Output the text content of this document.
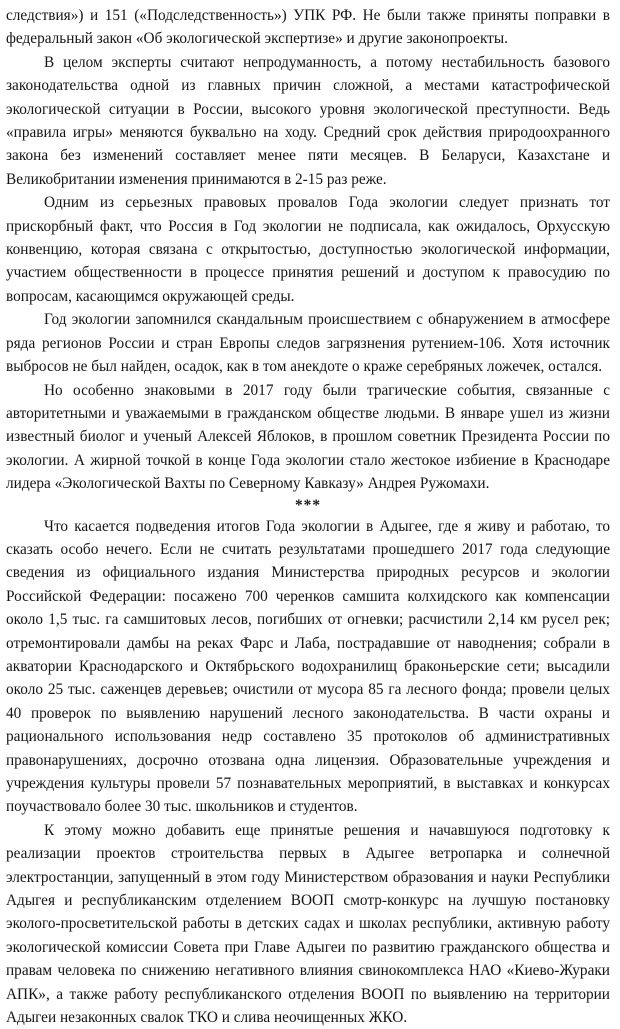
следствия») и 151 («Подследственность») УПК РФ. Не были также приняты поправки в федеральный закон «Об экологической экспертизе» и другие законопроекты.

В целом эксперты считают непродуманность, а потому нестабильность базового законодательства одной из главных причин сложной, а местами катастрофической экологической ситуации в России, высокого уровня экологической преступности. Ведь «правила игры» меняются буквально на ходу. Средний срок действия природоохранного закона без изменений составляет менее пяти месяцев. В Беларуси, Казахстане и Великобритании изменения принимаются в 2-15 раз реже.

Одним из серьезных правовых провалов Года экологии следует признать тот прискорбный факт, что Россия в Год экологии не подписала, как ожидалось, Орхусскую конвенцию, которая связана с открытостью, доступностью экологической информации, участием общественности в процессе принятия решений и доступом к правосудию по вопросам, касающимся окружающей среды.

Год экологии запомнился скандальным происшествием с обнаружением в атмосфере ряда регионов России и стран Европы следов загрязнения рутением-106. Хотя источник выбросов не был найден, осадок, как в том анекдоте о краже серебряных ложечек, остался.

Но особенно знаковыми в 2017 году были трагические события, связанные с авторитетными и уважаемыми в гражданском обществе людьми. В январе ушел из жизни известный биолог и ученый Алексей Яблоков, в прошлом советник Президента России по экологии. А жирной точкой в конце Года экологии стало жестокое избиение в Краснодаре лидера «Экологической Вахты по Северному Кавказу» Андрея Ружомахи.

***

Что касается подведения итогов Года экологии в Адыгее, где я живу и работаю, то сказать особо нечего. Если не считать результатами прошедшего 2017 года следующие сведения из официального издания Министерства природных ресурсов и экологии Российской Федерации: посажено 700 черенков самшита колхидского как компенсации около 1,5 тыс. га самшитовых лесов, погибших от огневки; расчистили 2,14 км русел рек; отремонтировали дамбы на реках Фарс и Лаба, пострадавшие от наводнения; собрали в акватории Краснодарского и Октябрьского водохранилищ браконьерские сети; высадили около 25 тыс. саженцев деревьев; очистили от мусора 85 га лесного фонда; провели целых 40 проверок по выявлению нарушений лесного законодательства. В части охраны и рационального использования недр составлено 35 протоколов об административных правонарушениях, досрочно отозвана одна лицензия. Образовательные учреждения и учреждения культуры провели 57 познавательных мероприятий, в выставках и конкурсах поучаствовало более 30 тыс. школьников и студентов.

К этому можно добавить еще принятые решения и начавшуюся подготовку к реализации проектов строительства первых в Адыгее ветропарка и солнечной электростанции, запущенный в этом году Министерством образования и науки Республики Адыгея и республиканским отделением ВООП смотр-конкурс на лучшую постановку эколого-просветительской работы в детских садах и школах республики, активную работу экологической комиссии Совета при Главе Адыгеи по развитию гражданского общества и правам человека по снижению негативного влияния свинокомплекса НАО «Киево-Жураки АПК», а также работу республиканского отделения ВООП по выявлению на территории Адыгеи незаконных свалок ТКО и слива неочищенных ЖКО.
